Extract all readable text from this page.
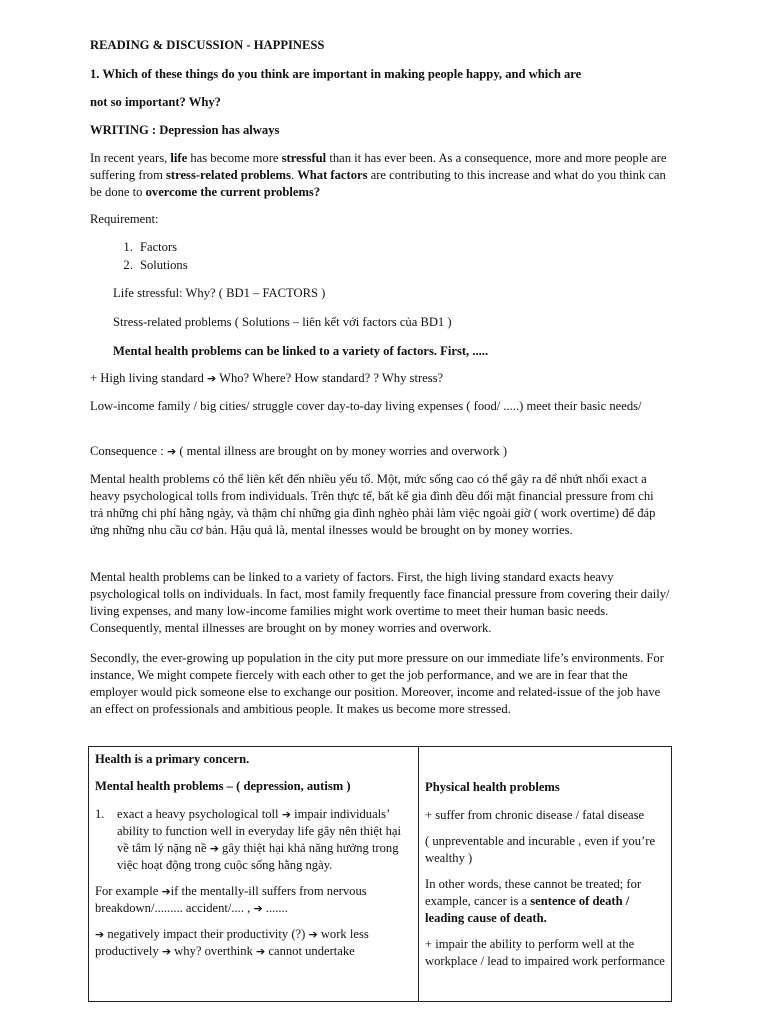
READING & DISCUSSION - HAPPINESS

1. Which of these things do you think are important in making people happy, and which are

not so important? Why?

WRITING : Depression has always

In recent years, life has become more stressful than it has ever been. As a consequence, more and more people are suffering from stress-related problems. What factors are contributing to this increase and what do you think can be done to overcome the current problems?

Requirement:

1. Factors
2. Solutions

Life stressful: Why? ( BD1 – FACTORS )

Stress-related problems ( Solutions – liên kết với factors của BD1 )

Mental health problems can be linked to a variety of factors. First, .....

+ High living standard ➔ Who? Where? How standard? ? Why stress?

Low-income family / big cities/ struggle cover day-to-day living expenses ( food/ .....) meet their basic needs/

Consequence : ➔ ( mental illness are brought on by money worries and overwork )

Mental health problems có thể liên kết đến nhiều yếu tố. Một, mức sống cao có thể gây ra để nhứt nhối exact a heavy psychological tolls from individuals. Trên thực tế, bất kể gia đình đều đối mặt financial pressure from chi trả những chi phí hằng ngày, và thậm chí những gia đình nghèo phải làm việc ngoài giờ ( work overtime) để đáp ứng những nhu cầu cơ bản. Hậu quả là, mental ilnesses would be brought on by money worries.

Mental health problems can be linked to a variety of factors. First, the high living standard exacts heavy psychological tolls on individuals. In fact, most family frequently face financial pressure from covering their daily/ living expenses, and many low-income families might work overtime to meet their human basic needs. Consequently, mental illnesses are brought on by money worries and overwork.

Secondly, the ever-growing up population in the city put more pressure on our immediate life’s environments. For instance, We might compete fiercely with each other to get the job performance, and we are in fear that the employer would pick someone else to exchange our position. Moreover, income and related-issue of the job have an effect on professionals and ambitious people. It makes us become more stressed.

Health is a primary concern.

Mental health problems – ( depression, autism )

1. exact a heavy psychological toll ➔ impair individuals’ ability to function well in everyday life gây nên thiệt hại về tâm lý nặng nề ➔ gây thiệt hại khả năng hưởng trong việc hoạt động trong cuộc sống hằng ngày.

For example ➔if the mentally-ill suffers from nervous breakdown/......... accident/.... , ➔ .......

➔ negatively impact their productivity (?) ➔ work less productively ➔ why? overthink ➔ cannot undertake

Physical health problems

+ suffer from chronic disease / fatal disease

( unpreventable and incurable , even if you’re wealthy )

In other words, these cannot be treated; for example, cancer is a sentence of death / leading cause of death.

+ impair the ability to perform well at the workplace / lead to impaired work performance
